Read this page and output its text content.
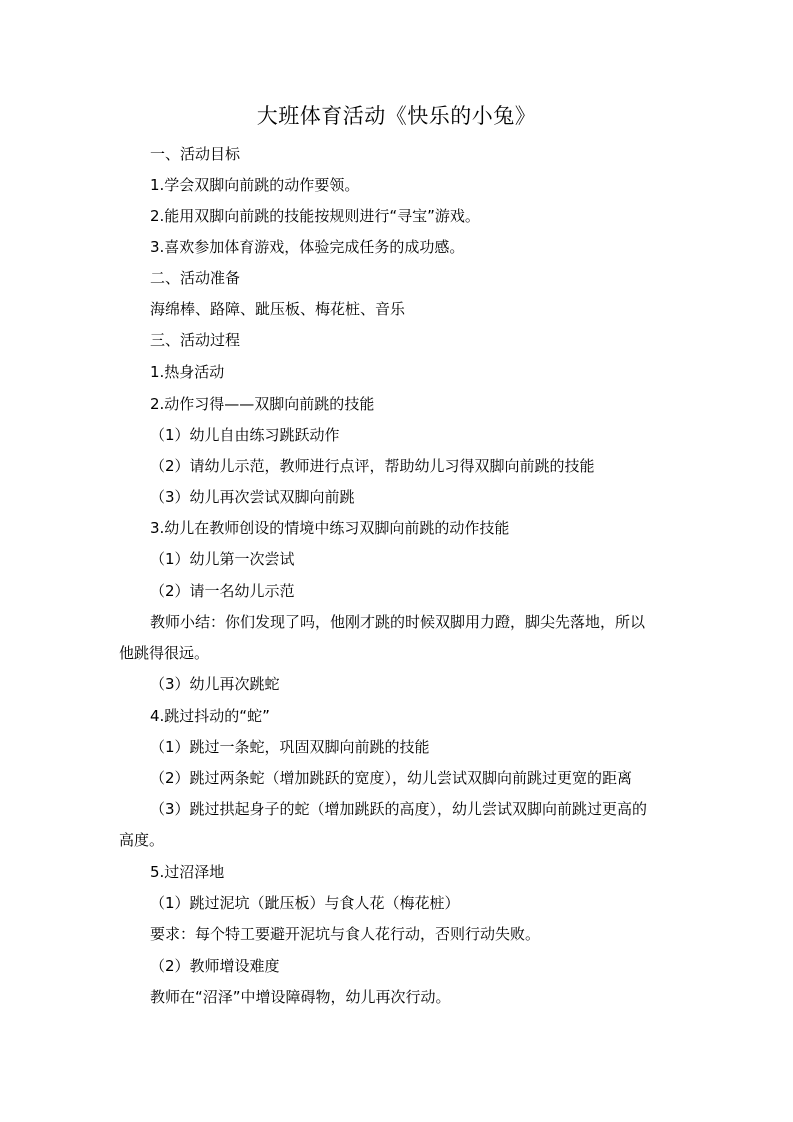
大班体育活动《快乐的小兔》
一、活动目标
1.学会双脚向前跳的动作要领。
2.能用双脚向前跳的技能按规则进行“寻宝”游戏。
3.喜欢参加体育游戏，体验完成任务的成功感。
二、活动准备
海绵棒、路障、跐压板、梅花桩、音乐
三、活动过程
1.热身活动
2.动作习得——双脚向前跳的技能
（1）幼儿自由练习跳跃动作
（2）请幼儿示范，教师进行点评，帮助幼儿习得双脚向前跳的技能
（3）幼儿再次尝试双脚向前跳
3.幼儿在教师创设的情境中练习双脚向前跳的动作技能
（1）幼儿第一次尝试
（2）请一名幼儿示范
教师小结：你们发现了吗，他刚才跳的时候双脚用力蹬，脚尖先落地，所以
他跳得很远。
（3）幼儿再次跳蛇
4.跳过抖动的“蛇”
（1）跳过一条蛇，巩固双脚向前跳的技能
（2）跳过两条蛇（增加跳跃的宽度），幼儿尝试双脚向前跳过更宽的距离
（3）跳过拱起身子的蛇（增加跳跃的高度），幼儿尝试双脚向前跳过更高的
高度。
5.过沼泽地
（1）跳过泥坑（跐压板）与食人花（梅花桩）
要求：每个特工要避开泥坑与食人花行动，否则行动失败。
（2）教师增设难度
教师在“沼泽”中增设障碍物，幼儿再次行动。
